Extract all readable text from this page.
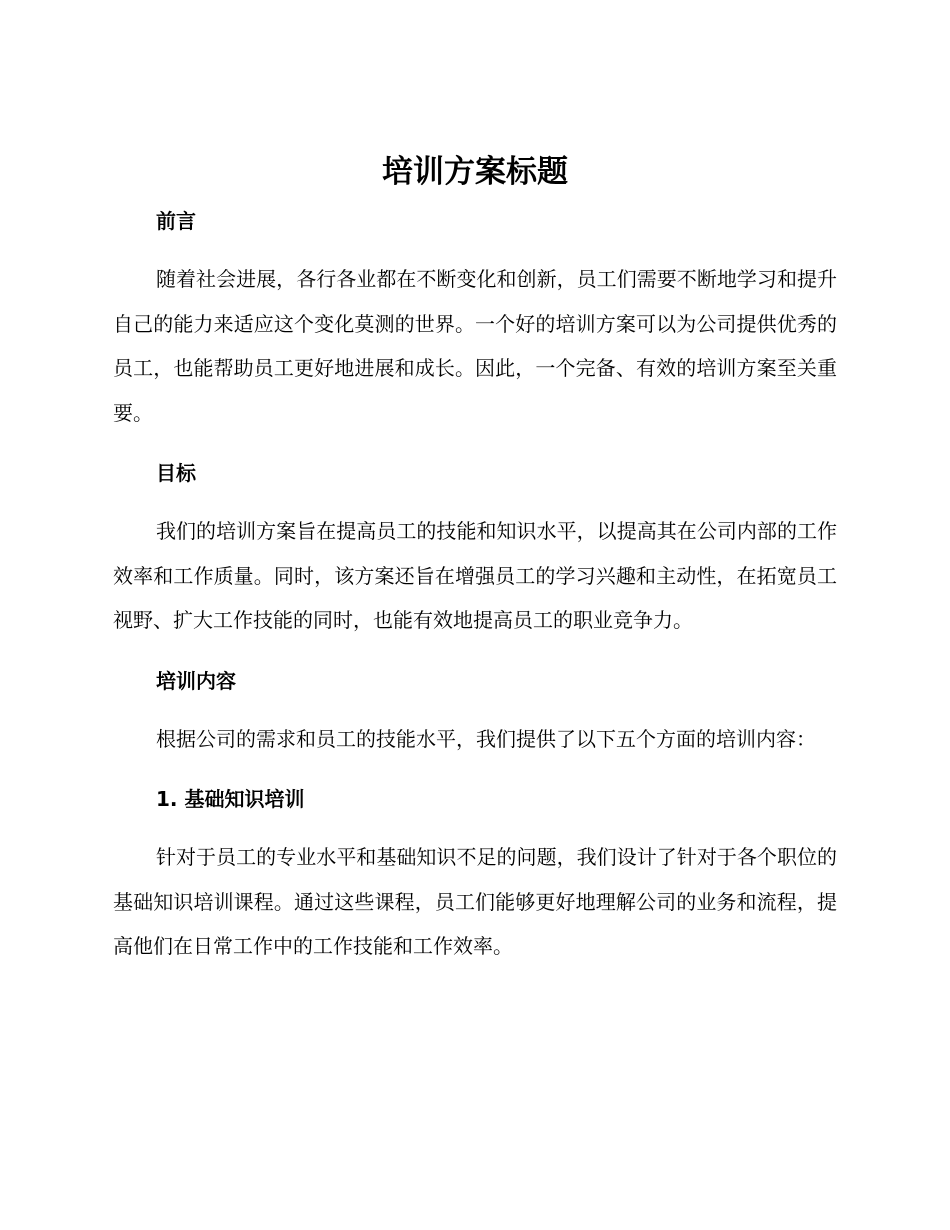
培训方案标题
前言

随着社会进展，各行各业都在不断变化和创新，员工们需要不断地学习和提升自己的能力来适应这个变化莫测的世界。一个好的培训方案可以为公司提供优秀的员工，也能帮助员工更好地进展和成长。因此，一个完备、有效的培训方案至关重要。

目标

我们的培训方案旨在提高员工的技能和知识水平，以提高其在公司内部的工作效率和工作质量。同时，该方案还旨在增强员工的学习兴趣和主动性，在拓宽员工视野、扩大工作技能的同时，也能有效地提高员工的职业竞争力。

培训内容

根据公司的需求和员工的技能水平，我们提供了以下五个方面的培训内容：

1. 基础知识培训

针对于员工的专业水平和基础知识不足的问题，我们设计了针对于各个职位的基础知识培训课程。通过这些课程，员工们能够更好地理解公司的业务和流程，提高他们在日常工作中的工作技能和工作效率。
